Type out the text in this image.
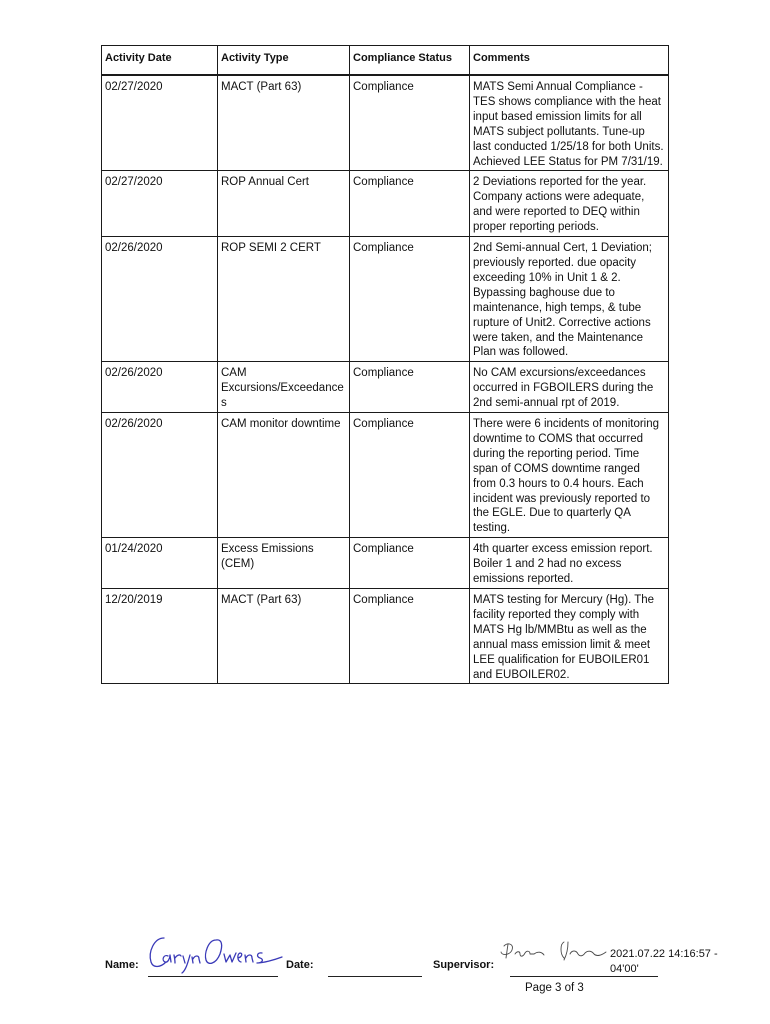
Activity Date	Activity Type	Compliance Status	Comments
02/27/2020	MACT (Part 63)	Compliance	MATS Semi Annual Compliance - TES shows compliance with the heat input based emission limits for all MATS subject pollutants. Tune-up last conducted 1/25/18 for both Units. Achieved LEE Status for PM 7/31/19.
02/27/2020	ROP Annual Cert	Compliance	2 Deviations reported for the year. Company actions were adequate, and were reported to DEQ within proper reporting periods.
02/26/2020	ROP SEMI 2 CERT	Compliance	2nd Semi-annual Cert, 1 Deviation; previously reported. due opacity exceeding 10% in Unit 1 & 2. Bypassing baghouse due to maintenance, high temps, & tube rupture of Unit2. Corrective actions were taken, and the Maintenance Plan was followed.
02/26/2020	CAM Excursions/Exceedances	Compliance	No CAM excursions/exceedances occurred in FGBOILERS during the 2nd semi-annual rpt of 2019.
02/26/2020	CAM monitor downtime	Compliance	There were 6 incidents of monitoring downtime to COMS that occurred during the reporting period. Time span of COMS downtime ranged from 0.3 hours to 0.4 hours. Each incident was previously reported to the EGLE. Due to quarterly QA testing.
01/24/2020	Excess Emissions (CEM)	Compliance	4th quarter excess emission report. Boiler 1 and 2 had no excess emissions reported.
12/20/2019	MACT (Part 63)	Compliance	MATS testing for Mercury (Hg). The facility reported they comply with MATS Hg lb/MMBtu as well as the annual mass emission limit & meet LEE qualification for EUBOILER01 and EUBOILER02.
Name:	Date:	Supervisor:
2021.07.22 14:16:57 -
04'00'
Page 3 of 3
